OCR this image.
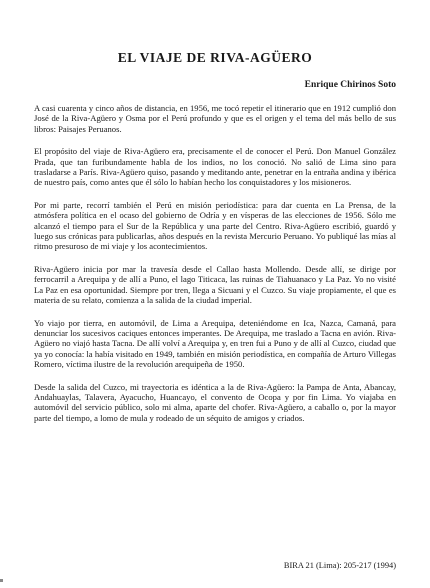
EL VIAJE DE RIVA-AGÜERO
Enrique Chirinos Soto

A casi cuarenta y cinco años de distancia, en 1956, me tocó repetir el itinerario que en 1912 cumplió don José de la Riva-Agüero y Osma por el Perú profundo y que es el origen y el tema del más bello de sus libros: Paisajes Peruanos.

El propósito del viaje de Riva-Agüero era, precisamente el de conocer el Perú. Don Manuel González Prada, que tan furibundamente habla de los indios, no los conoció. No salió de Lima sino para trasladarse a París. Riva-Agüero quiso, pasando y meditando ante, penetrar en la entraña andina y ibérica de nuestro país, como antes que él sólo lo habían hecho los conquistadores y los misioneros.

Por mi parte, recorrí también el Perú en misión periodística: para dar cuenta en La Prensa, de la atmósfera política en el ocaso del gobierno de Odría y en vísperas de las elecciones de 1956. Sólo me alcanzó el tiempo para el Sur de la República y una parte del Centro. Riva-Agüero escribió, guardó y luego sus crónicas para publicarlas, años después en la revista Mercurio Peruano. Yo publiqué las mías al ritmo presuroso de mi viaje y los acontecimientos.

Riva-Agüero inicia por mar la travesía desde el Callao hasta Mollendo. Desde allí, se dirige por ferrocarril a Arequipa y de allí a Puno, el lago Titicaca, las ruinas de Tiahuanaco y La Paz. Yo no visité La Paz en esa oportunidad. Siempre por tren, llega a Sicuani y el Cuzco. Su viaje propiamente, el que es materia de su relato, comienza a la salida de la ciudad imperial.

Yo viajo por tierra, en automóvil, de Lima a Arequipa, deteniéndome en Ica, Nazca, Camaná, para denunciar los sucesivos caciques entonces imperantes. De Arequipa, me traslado a Tacna en avión. Riva-Agüero no viajó hasta Tacna. De allí volví a Arequipa y, en tren fui a Puno y de allí al Cuzco, ciudad que ya yo conocía: la había visitado en 1949, también en misión periodística, en compañía de Arturo Villegas Romero, víctima ilustre de la revolución arequipeña de 1950.

Desde la salida del Cuzco, mi trayectoria es idéntica a la de Riva-Agüero: la Pampa de Anta, Abancay, Andahuaylas, Talavera, Ayacucho, Huancayo, el convento de Ocopa y por fin Lima. Yo viajaba en automóvil del servicio público, solo mi alma, aparte del chofer. Riva-Agüero, a caballo o, por la mayor parte del tiempo, a lomo de mula y rodeado de un séquito de amigos y criados.

BIRA 21 (Lima): 205-217 (1994)
